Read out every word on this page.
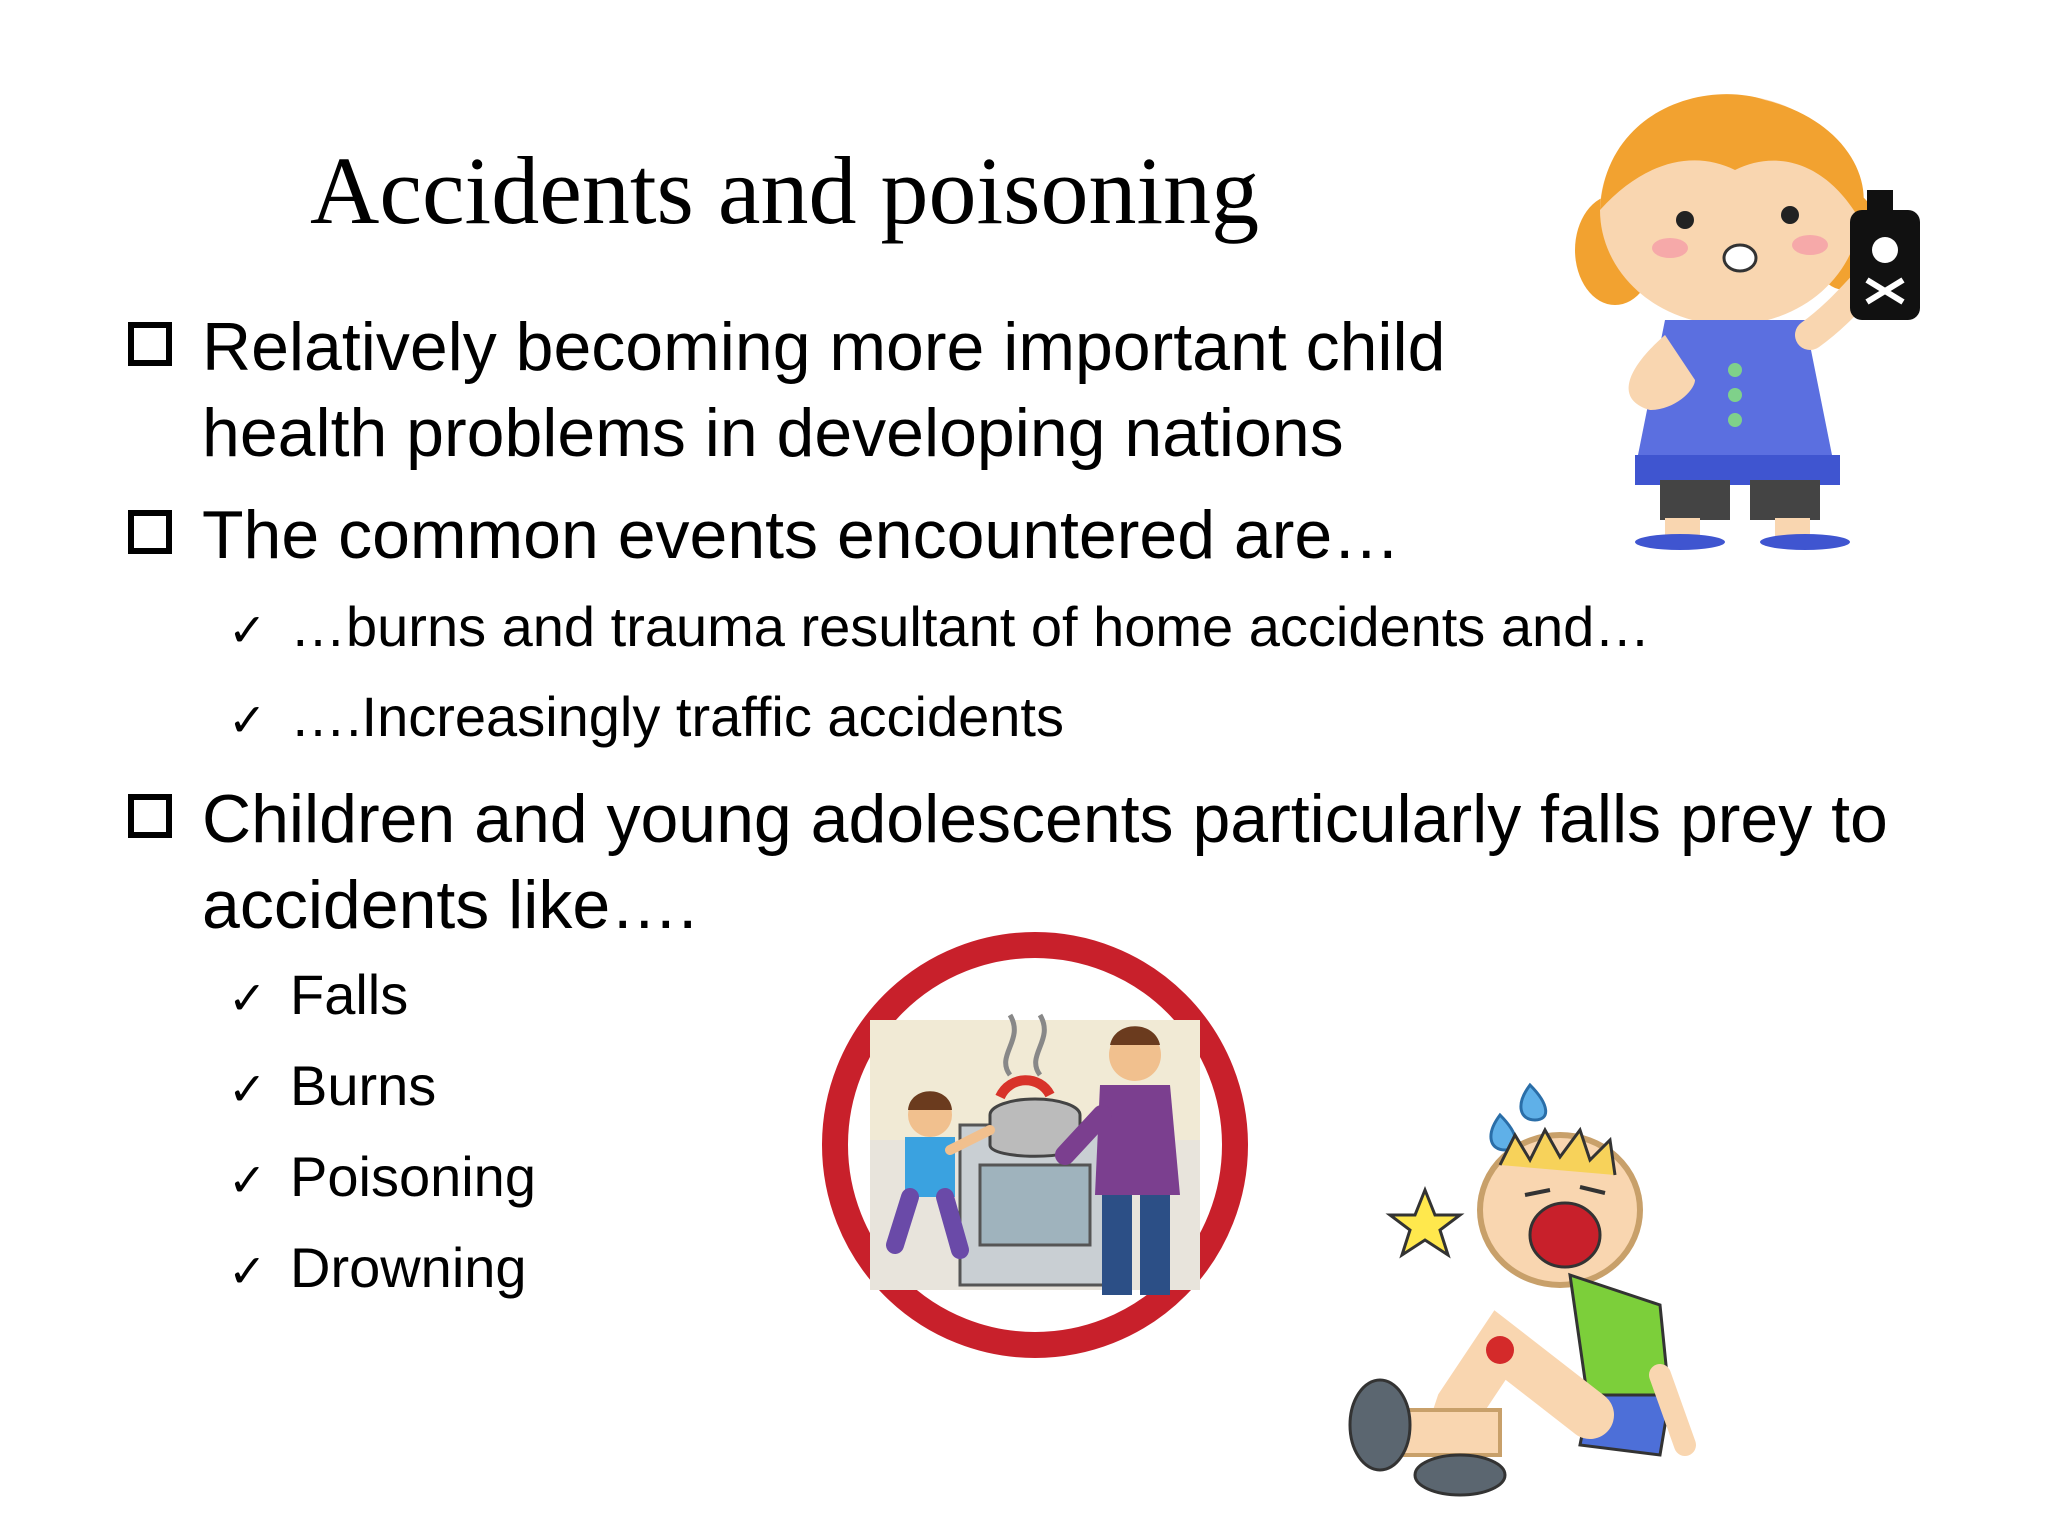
Accidents and poisoning
Relatively becoming more important child health problems in developing nations
The common events encountered are…
✓ …burns and trauma resultant of home accidents and…
✓ ….Increasingly traffic accidents
Children and young adolescents particularly falls prey to accidents like….
✓ Falls
✓ Burns
✓ Poisoning
✓ Drowning
